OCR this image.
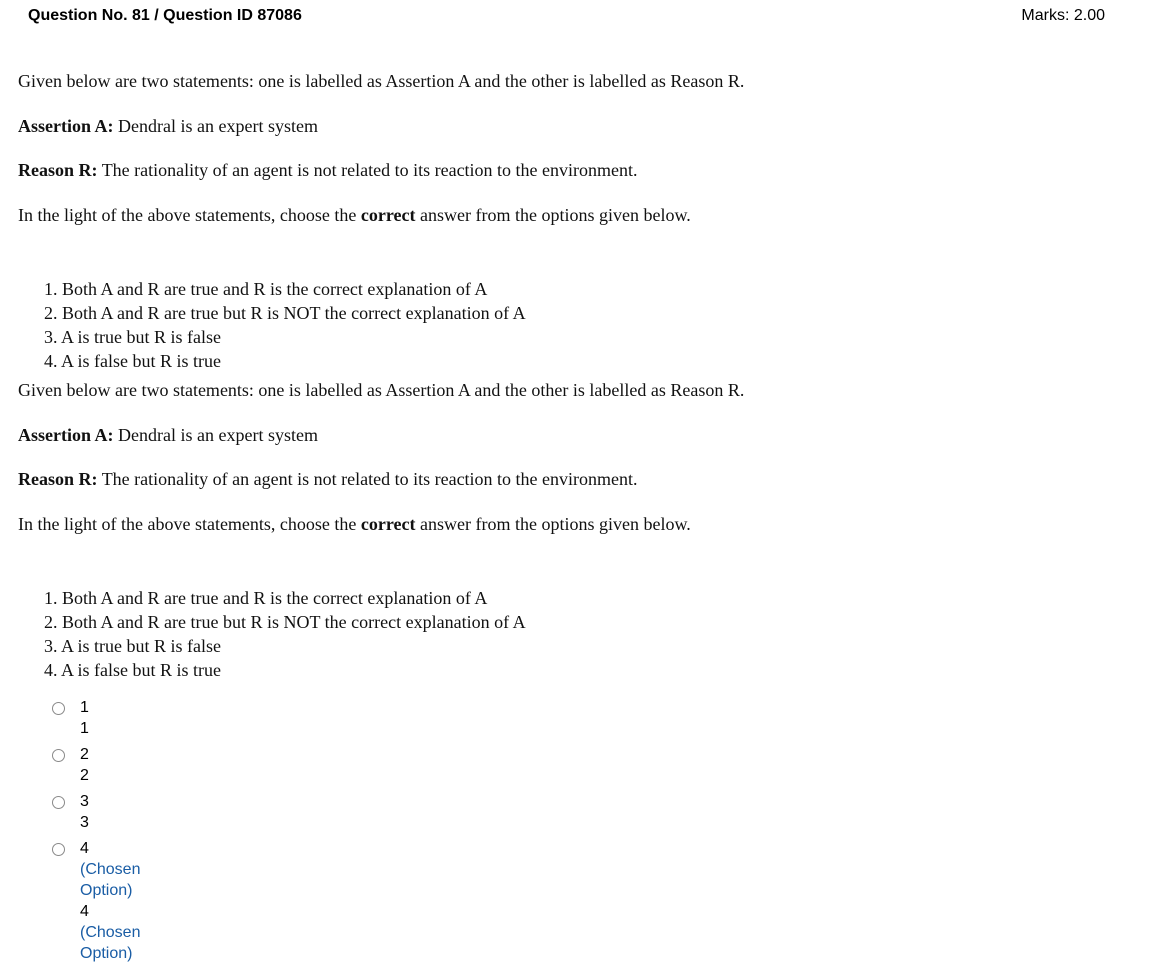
Question No. 81 / Question ID 87086	Marks: 2.00

Given below are two statements: one is labelled as Assertion A and the other is labelled as Reason R.

Assertion A: Dendral is an expert system

Reason R: The rationality of an agent is not related to its reaction to the environment.

In the light of the above statements, choose the correct answer from the options given below.

1. Both A and R are true and R is the correct explanation of A
2. Both A and R are true but R is NOT the correct explanation of A
3. A is true but R is false
4. A is false but R is true

Given below are two statements: one is labelled as Assertion A and the other is labelled as Reason R.

Assertion A: Dendral is an expert system

Reason R: The rationality of an agent is not related to its reaction to the environment.

In the light of the above statements, choose the correct answer from the options given below.

1. Both A and R are true and R is the correct explanation of A
2. Both A and R are true but R is NOT the correct explanation of A
3. A is true but R is false
4. A is false but R is true
1
1
2
2
3
3
4 (Chosen Option)
4 (Chosen Option)
